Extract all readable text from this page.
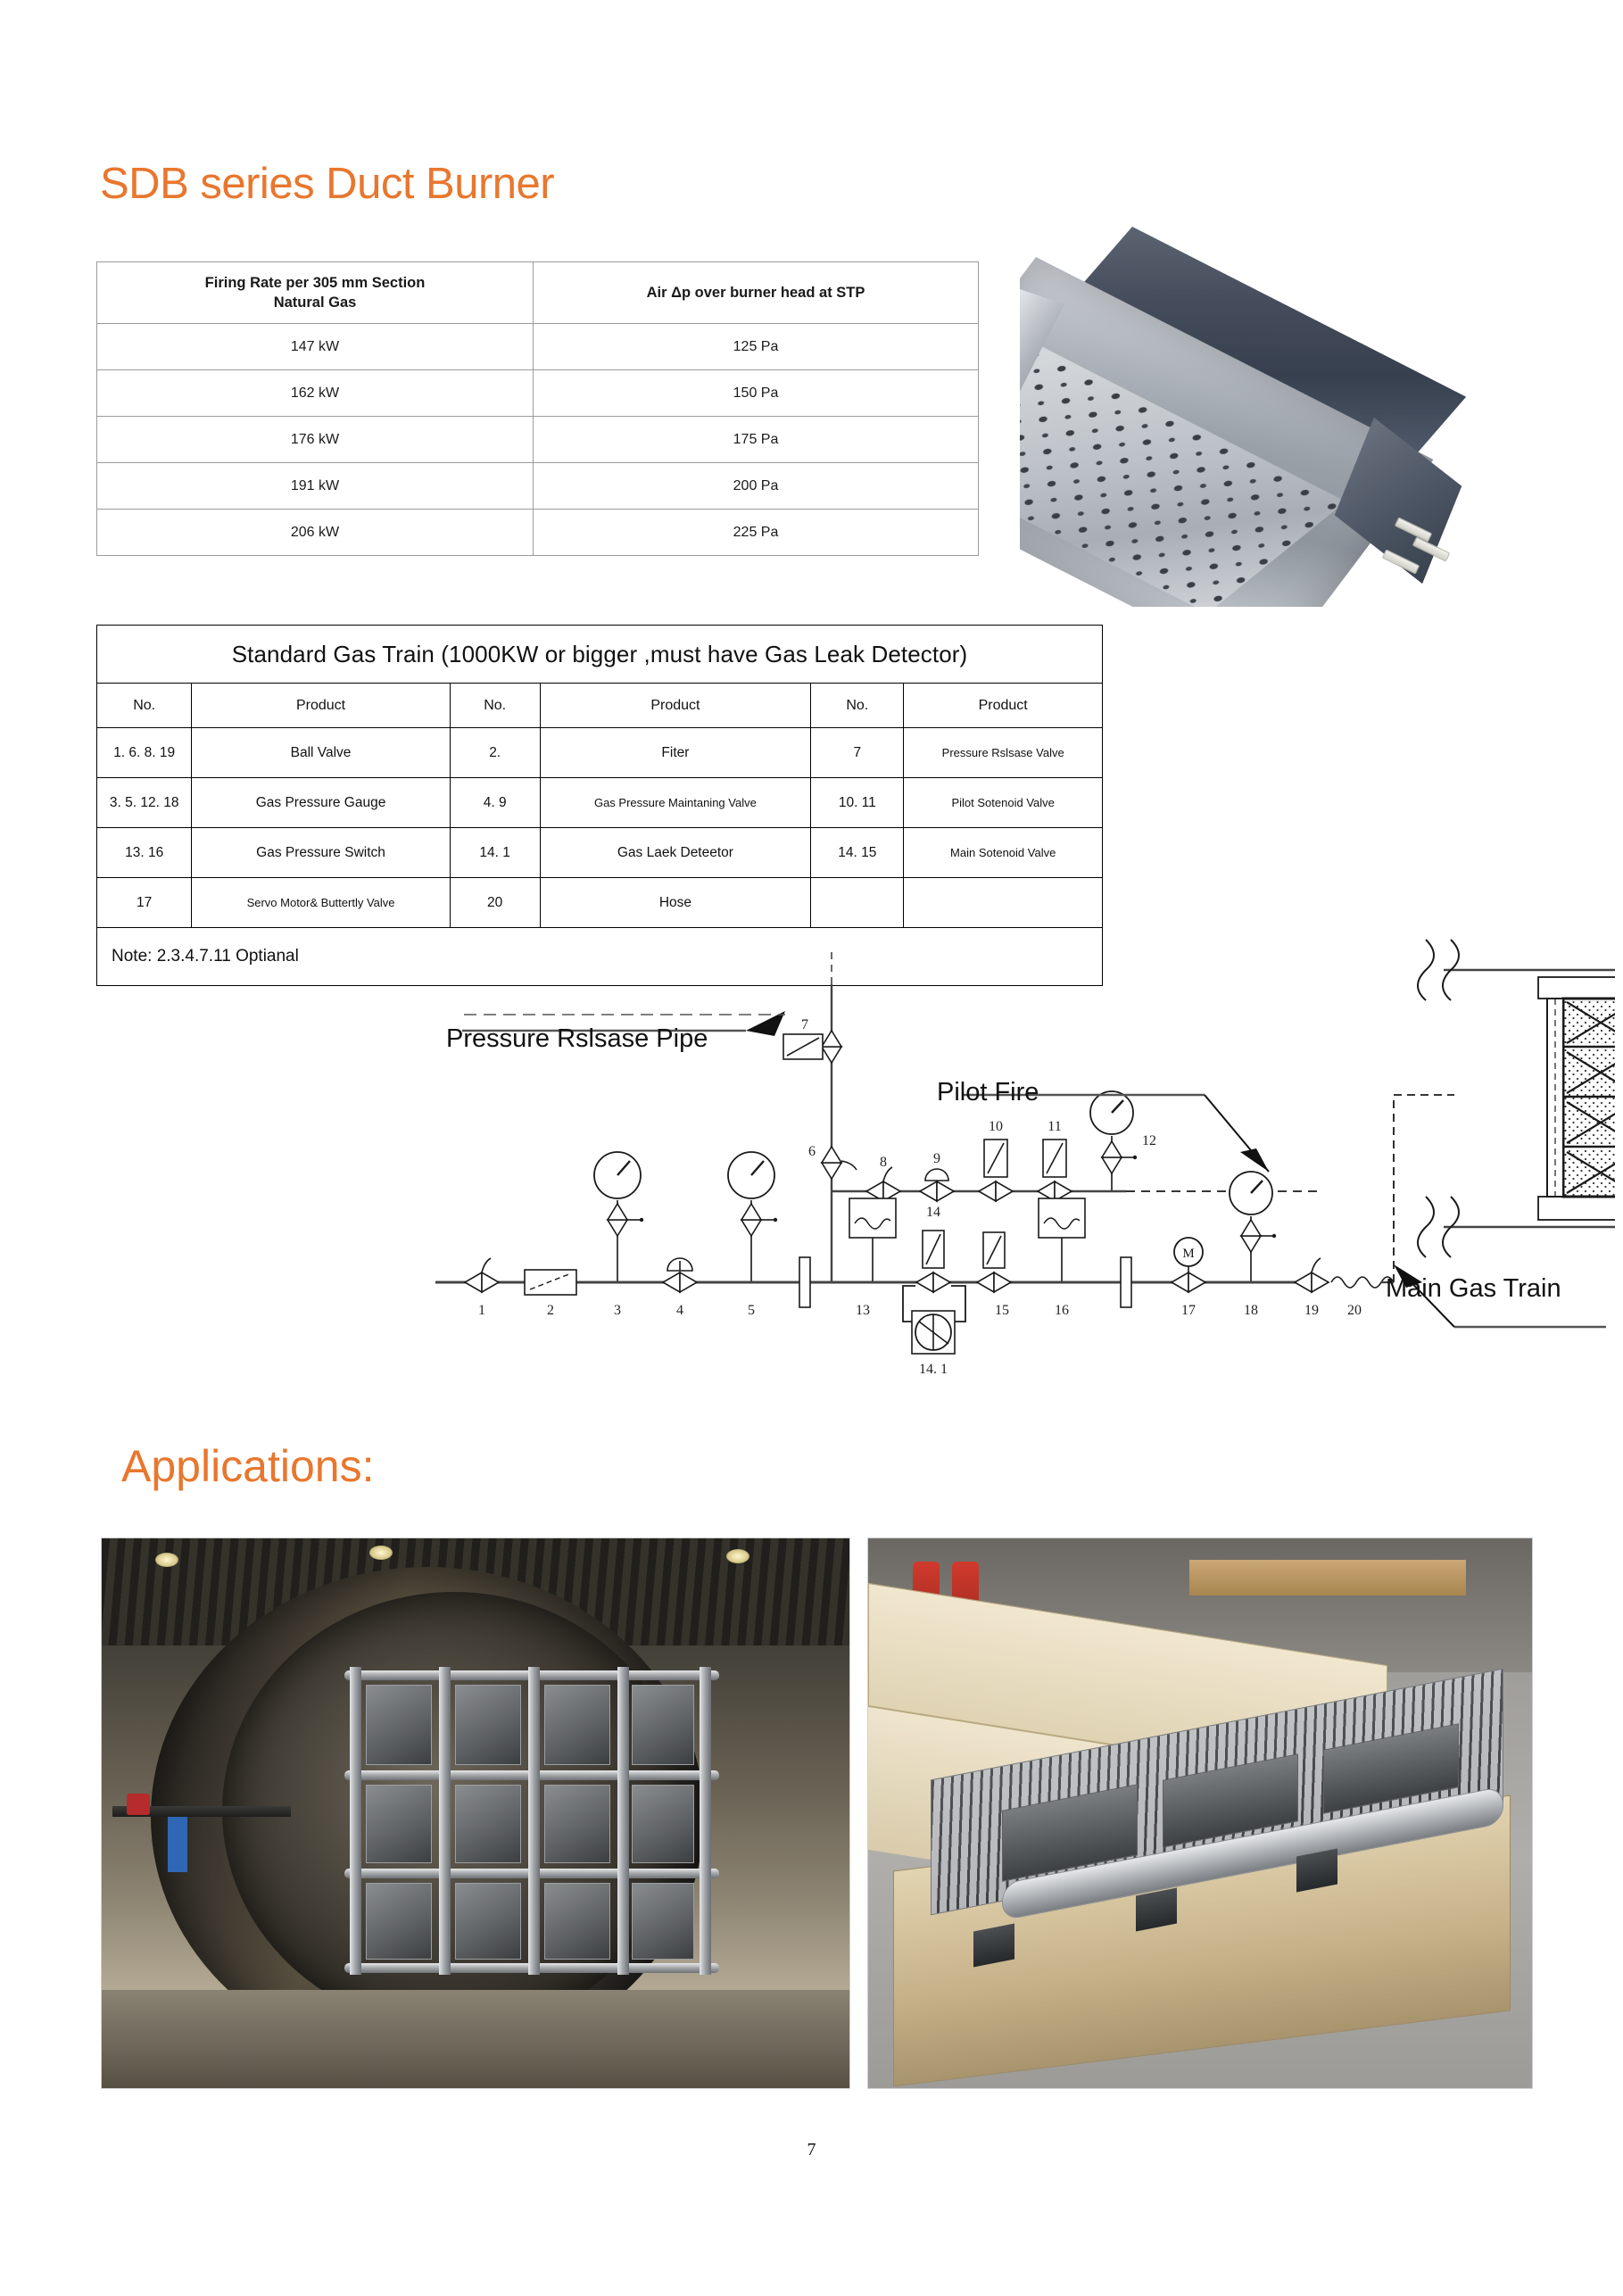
SDB series Duct Burner
Firing Rate per 305 mm Section
Natural Gas	Air Δp over burner head at STP
147 kW	125 Pa
162 kW	150 Pa
176 kW	175 Pa
191 kW	200 Pa
206 kW	225 Pa
Standard Gas Train (1000KW or bigger ,must have Gas Leak Detector)					
No.	Product	No.	Product	No.	Product
1. 6. 8. 19	Ball Valve	2.	Fiter	7	Pressure Rslsase Valve
3. 5. 12. 18	Gas Pressure Gauge	4. 9	Gas Pressure Maintaning Valve	10. 11	Pilot Sotenoid Valve
13. 16	Gas Pressure Switch	14. 1	Gas Laek Deteetor	14. 15	Main Sotenoid Valve
17	Servo Motor& Buttertly Valve	20	Hose		
Note: 2.3.4.7.11 Optianal					
1	2	3	4	5
6
7
8	9
10	11
12
13
14
14. 1
15	16
M
17	18	19 20
Pressure Rslsase Pipe
Pilot Fire
Main Gas Train
Applications:
7
